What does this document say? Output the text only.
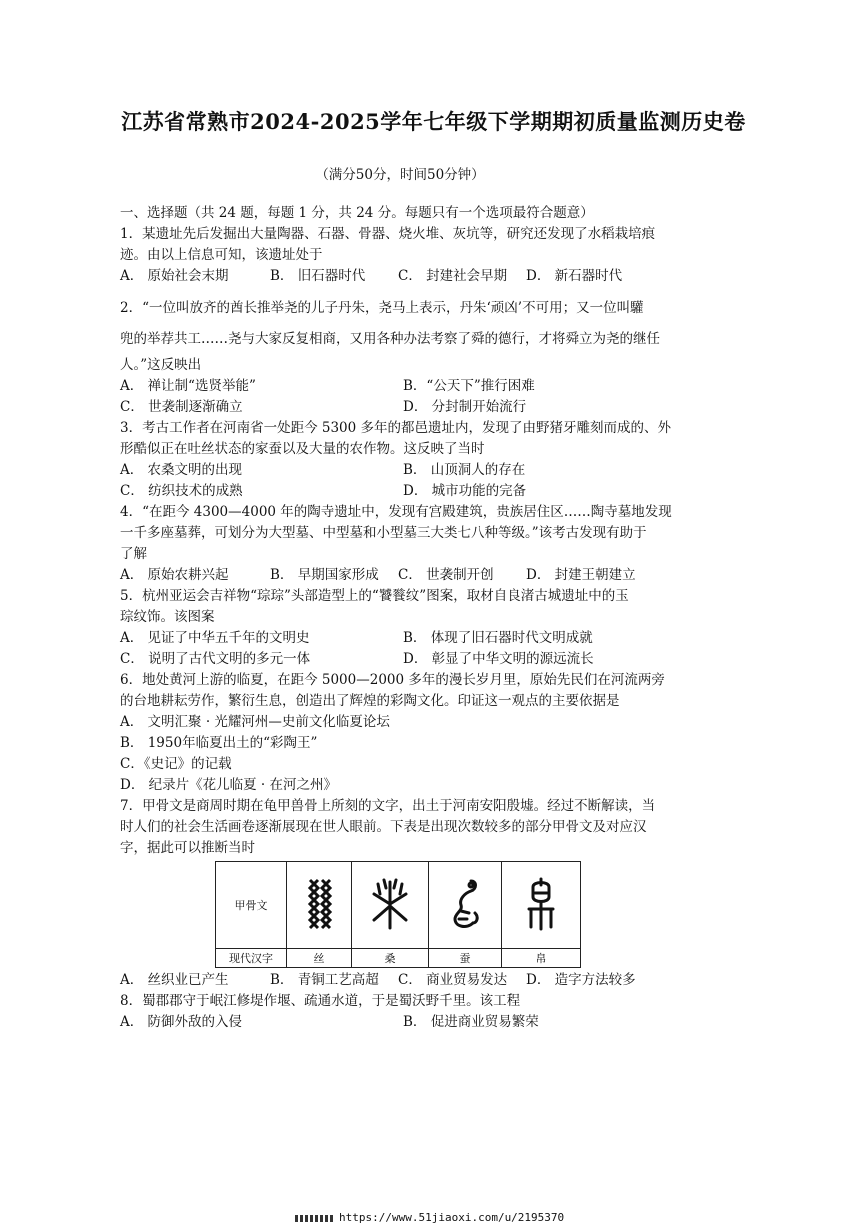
江苏省常熟市2024-2025学年七年级下学期期初质量监测历史卷
（满分50分，时间50分钟）
一、选择题（共 24 题，每题 1 分，共 24 分。每题只有一个选项最符合题意）
1．某遗址先后发掘出大量陶器、石器、骨器、烧火堆、灰坑等，研究还发现了水稻栽培痕
迹。由以上信息可知，该遗址处于
A． 原始社会末期	B． 旧石器时代	C． 封建社会早期	D． 新石器时代
2．“一位叫放齐的酋长推举尧的儿子丹朱，尧马上表示，丹朱‘顽凶’不可用；又一位叫驩
兜的举荐共工……尧与大家反复相商，又用各种办法考察了舜的德行，才将舜立为尧的继任
人。”这反映出
A． 禅让制“选贤举能”	B．“公天下”推行困难
C． 世袭制逐渐确立	D． 分封制开始流行
3．考古工作者在河南省一处距今 5300 多年的都邑遗址内，发现了由野猪牙雕刻而成的、外
形酷似正在吐丝状态的家蚕以及大量的农作物。这反映了当时
A． 农桑文明的出现	B． 山顶洞人的存在
C． 纺织技术的成熟	D． 城市功能的完备
4．“在距今 4300—4000 年的陶寺遗址中，发现有宫殿建筑，贵族居住区……陶寺墓地发现
一千多座墓葬，可划分为大型墓、中型墓和小型墓三大类七八种等级。”该考古发现有助于
了解
A． 原始农耕兴起	B． 早期国家形成	C． 世袭制开创	D． 封建王朝建立
5．杭州亚运会吉祥物“琮琮”头部造型上的“饕餮纹”图案，取材自良渚古城遗址中的玉
琮纹饰。该图案
A． 见证了中华五千年的文明史	B． 体现了旧石器时代文明成就
C． 说明了古代文明的多元一体	D． 彰显了中华文明的源远流长
6．地处黄河上游的临夏，在距今 5000—2000 多年的漫长岁月里，原始先民们在河流两旁
的台地耕耘劳作，繁衍生息，创造出了辉煌的彩陶文化。印证这一观点的主要依据是
A． 文明汇聚 · 光耀河州—史前文化临夏论坛
B． 1950年临夏出土的“彩陶王”
C．《史记》的记载
D． 纪录片《花儿临夏 · 在河之州》
7．甲骨文是商周时期在龟甲兽骨上所刻的文字，出土于河南安阳殷墟。经过不断解读，当
时人们的社会生活画卷逐渐展现在世人眼前。下表是出现次数较多的部分甲骨文及对应汉
字，据此可以推断当时
甲骨文				
现代汉字	丝	桑	蚕	帛
A． 丝织业已产生	B． 青铜工艺高超	C． 商业贸易发达	D． 造字方法较多
8．蜀郡郡守于岷江修堤作堰、疏通水道，于是蜀沃野千里。该工程
A． 防御外敌的入侵	B． 促进商业贸易繁荣
https://www.51jiaoxi.com/u/2195370
